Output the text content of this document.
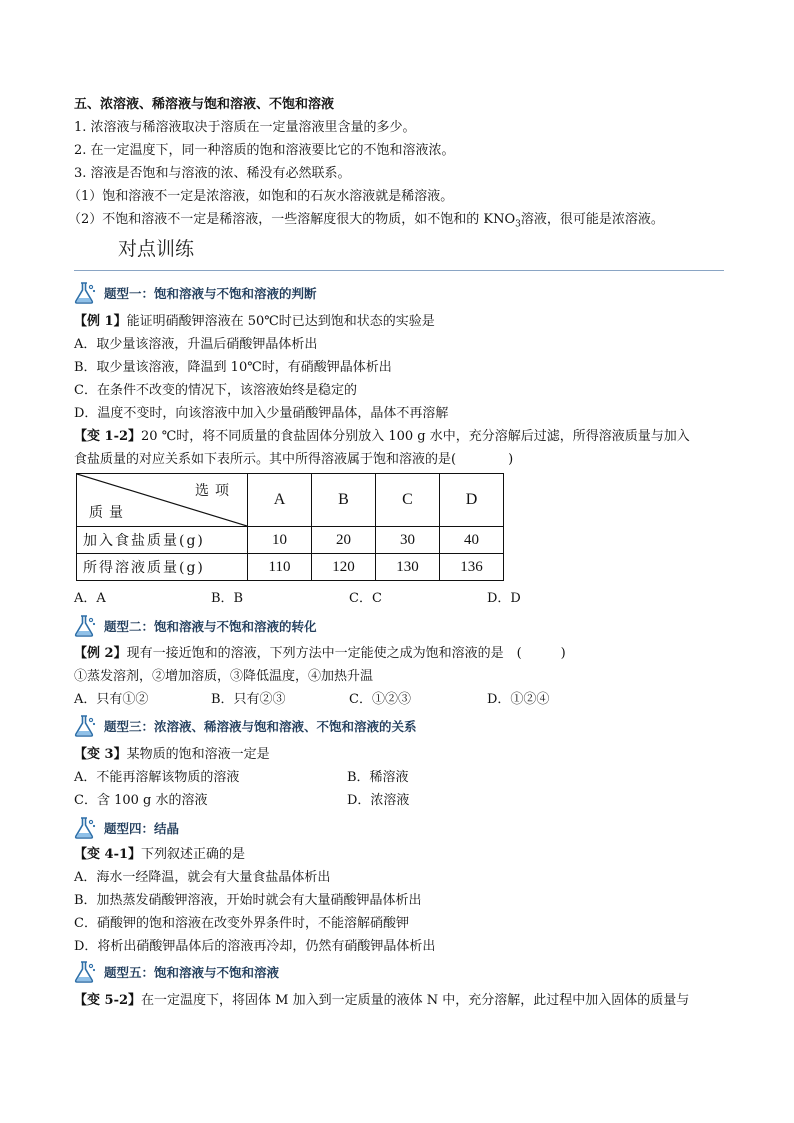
五、浓溶液、稀溶液与饱和溶液、不饱和溶液
1. 浓溶液与稀溶液取决于溶质在一定量溶液里含量的多少。
2. 在一定温度下，同一种溶质的饱和溶液要比它的不饱和溶液浓。
3. 溶液是否饱和与溶液的浓、稀没有必然联系。
（1）饱和溶液不一定是浓溶液，如饱和的石灰水溶液就是稀溶液。
（2）不饱和溶液不一定是稀溶液，一些溶解度很大的物质，如不饱和的 $KNO_3$溶液，很可能是浓溶液。
对点训练
题型一：饱和溶液与不饱和溶液的判断
【例 1】能证明硝酸钾溶液在 50℃时已达到饱和状态的实验是
A．取少量该溶液，升温后硝酸钾晶体析出
B．取少量该溶液，降温到 10℃时，有硝酸钾晶体析出
C．在条件不改变的情况下，该溶液始终是稳定的
D．温度不变时，向该溶液中加入少量硝酸钾晶体，晶体不再溶解
【变 1-2】20 ℃时，将不同质量的食盐固体分别放入 100 g 水中，充分溶解后过滤，所得溶液质量与加入
食盐质量的对应关系如下表所示。其中所得溶液属于饱和溶液的是(　　　　)
选项
质量	A	B	C	D
加入食盐质量(g)	10	20	30	40
所得溶液质量(g)	110	120	130	136
A．A	B．B	C．C	D．D
题型二：饱和溶液与不饱和溶液的转化
【例 2】现有一接近饱和的溶液，下列方法中一定能使之成为饱和溶液的是　(　　　)
①蒸发溶剂，②增加溶质，③降低温度，④加热升温
A．只有①②	B．只有②③	C．①②③	D．①②④
题型三：浓溶液、稀溶液与饱和溶液、不饱和溶液的关系
【变 3】某物质的饱和溶液一定是
A．不能再溶解该物质的溶液	B．稀溶液
C．含 100 g 水的溶液	D．浓溶液
题型四：结晶
【变 4-1】下列叙述正确的是
A．海水一经降温，就会有大量食盐晶体析出
B．加热蒸发硝酸钾溶液，开始时就会有大量硝酸钾晶体析出
C．硝酸钾的饱和溶液在改变外界条件时，不能溶解硝酸钾
D．将析出硝酸钾晶体后的溶液再冷却，仍然有硝酸钾晶体析出
题型五：饱和溶液与不饱和溶液
【变 5-2】在一定温度下，将固体 M 加入到一定质量的液体 N 中，充分溶解，此过程中加入固体的质量与
